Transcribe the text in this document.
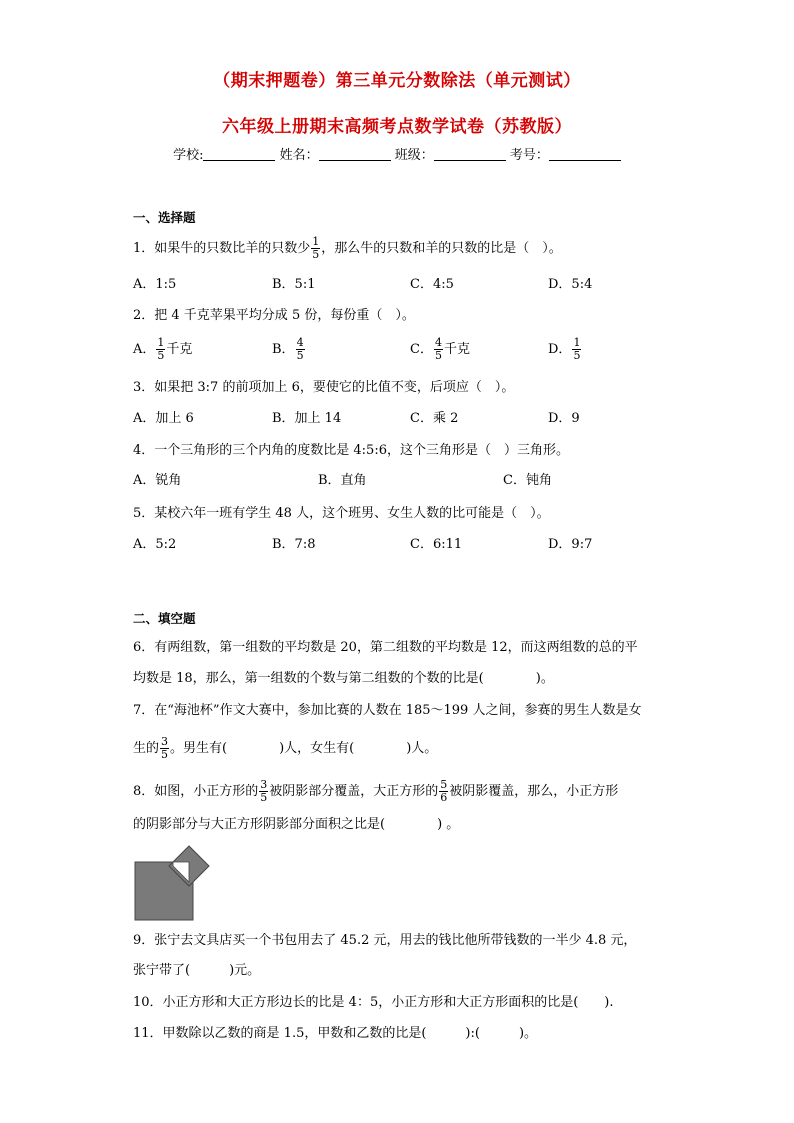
（期末押题卷）第三单元分数除法（单元测试）
六年级上册期末高频考点数学试卷（苏教版）
学校:	姓名：	班级：	考号：
一、选择题
1．如果牛的只数比羊的只数少 $\frac{1}{5}$ ，那么牛的只数和羊的只数的比是（　）。
A．1:5	B．5:1	C．4:5	D．5:4
2．把 4 千克苹果平均分成 5 份，每份重（　）。
A． $\frac{1}{5}$ 千克	B． $\frac{4}{5}$	C． $\frac{4}{5}$ 千克	D． $\frac{1}{5}$
3．如果把 3:7 的前项加上 6，要使它的比值不变，后项应（　）。
A．加上 6	B．加上 14	C．乘 2	D．9
4．一个三角形的三个内角的度数比是 4:5:6，这个三角形是（　）三角形。
A．锐角	B．直角	C．钝角
5．某校六年一班有学生 48 人，这个班男、女生人数的比可能是（　）。
A．5:2	B．7:8	C．6:11	D．9:7
二、填空题
6．有两组数，第一组数的平均数是 20，第二组数的平均数是 12，而这两组数的总的平
均数是 18，那么，第一组数的个数与第二组数的个数的比是(　　　　)。
7．在“海池杯”作文大赛中，参加比赛的人数在 185～199 人之间，参赛的男生人数是女
生的 $\frac{3}{5}$ 。男生有(　　　　)人，女生有(　　　　)人。
8．如图，小正方形的 $\frac{3}{5}$ 被阴影部分覆盖，大正方形的 $\frac{5}{6}$ 被阴影覆盖，那么，小正方形
的阴影部分与大正方形阴影部分面积之比是(　　　　) 。
9．张宁去文具店买一个书包用去了 45.2 元，用去的钱比他所带钱数的一半少 4.8 元，
张宁带了(　　　)元。
10．小正方形和大正方形边长的比是 4：5，小正方形和大正方形面积的比是(　　).
11．甲数除以乙数的商是 1.5，甲数和乙数的比是(　　　):(　　　)。
